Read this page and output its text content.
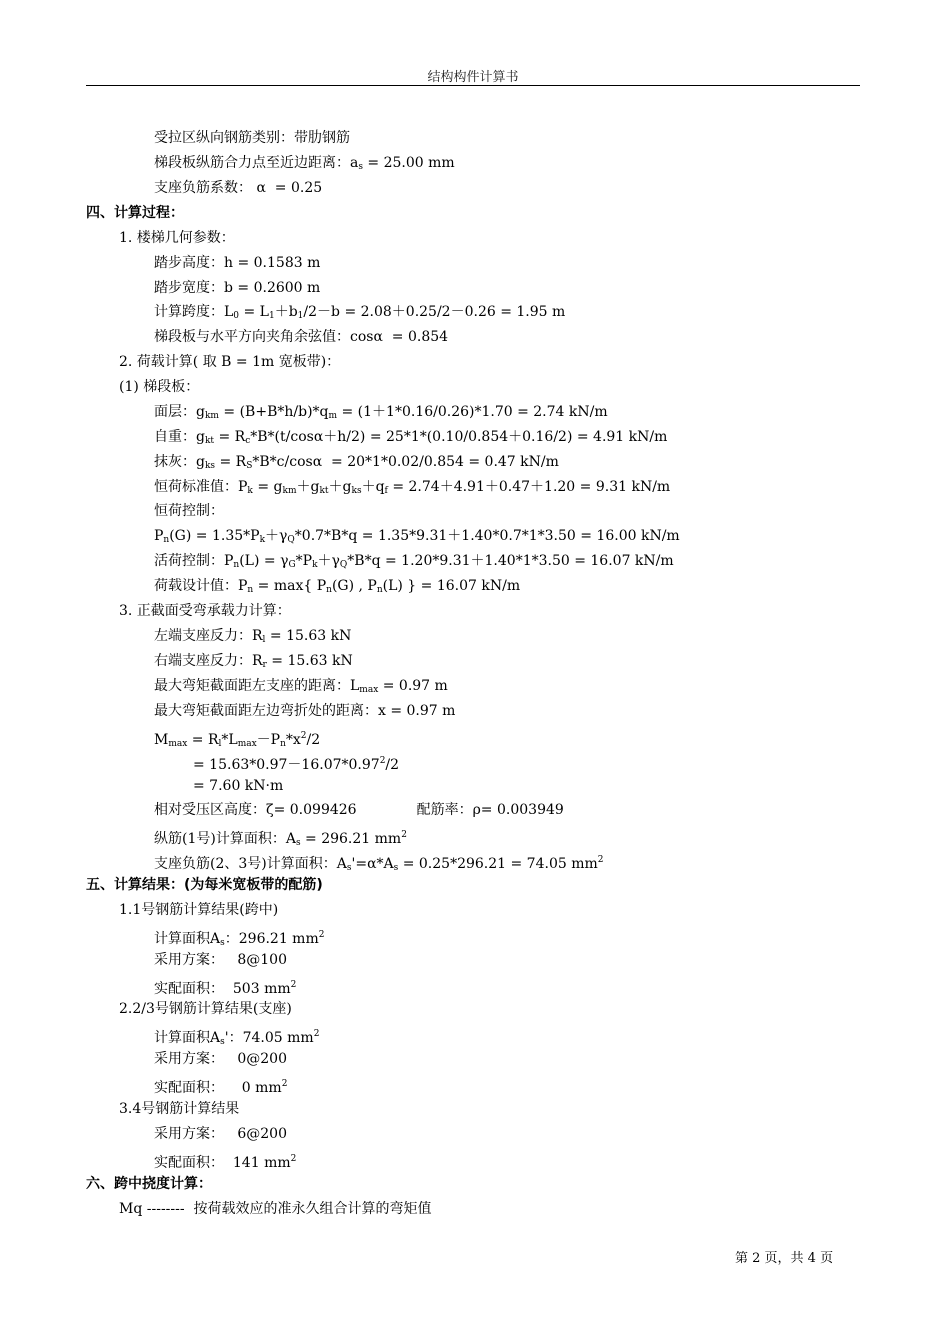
结构构件计算书
受拉区纵向钢筋类别：带肋钢筋
梯段板纵筋合力点至近边距离：$a_s = 25.00$ mm
支座负筋系数： α  = 0.25
四、计算过程：
1. 楼梯几何参数：
踏步高度：h = 0.1583 m
踏步宽度：b = 0.2600 m
计算跨度：$L_0 = L_1+b_1/2-b = 2.08+0.25/2-0.26 = 1.95$ m
梯段板与水平方向夹角余弦值：cosα  = 0.854
2. 荷载计算( 取 B = 1m 宽板带)：
(1) 梯段板：
面层：$g_{km} = (B+B*h/b)*q_m = (1+1*0.16/0.26)*1.70 = 2.74$ kN/m
自重：$g_{kt} = R_c*B*(t/\cos\alpha+h/2) = 25*1*(0.10/0.854+0.16/2) = 4.91$ kN/m
抹灰：$g_{ks} = R_S*B*c/\cos\alpha = 20*1*0.02/0.854 = 0.47$ kN/m
恒荷标准值：$P_k = g_{km}+g_{kt}+g_{ks}+q_f = 2.74+4.91+0.47+1.20 = 9.31$ kN/m
恒荷控制：
$P_n(G) = 1.35*P_k+\gamma_Q*0.7*B*q = 1.35*9.31+1.40*0.7*1*3.50 = 16.00$ kN/m
活荷控制：$P_n(L) = \gamma_G*P_k+\gamma_Q*B*q = 1.20*9.31+1.40*1*3.50 = 16.07$ kN/m
荷载设计值：$P_n = \max${ $P_n(G)$ , $P_n(L)$ } = 16.07 kN/m
3. 正截面受弯承载力计算：
左端支座反力：$R_l = 15.63$ kN
右端支座反力：$R_r = 15.63$ kN
最大弯矩截面距左支座的距离：$L_{max} = 0.97$ m
最大弯矩截面距左边弯折处的距离：x = 0.97 m
$M_{max} = R_l*L_{max}-P_n*x^2/2$
= $15.63*0.97-16.07*0.97^2/2$
= 7.60 kN·m
相对受压区高度：ζ= 0.099426	配筋率：ρ= 0.003949
纵筋(1号)计算面积：$A_s = 296.21$ $mm^2$
支座负筋(2、3号)计算面积：$A_s'=\alpha*A_s = 0.25*296.21 = 74.05$ $mm^2$
五、计算结果：(为每米宽板带的配筋)
1.1号钢筋计算结果(跨中)
计算面积$A_s$：296.21 $mm^2$
采用方案：   8@100
实配面积：  503 $mm^2$
2.2/3号钢筋计算结果(支座)
计算面积$A_s'$：74.05 $mm^2$
采用方案：   0@200
实配面积：    0 $mm^2$
3.4号钢筋计算结果
采用方案：   6@200
实配面积：  141 $mm^2$
六、跨中挠度计算：
Mq --------  按荷载效应的准永久组合计算的弯矩值
第 2 页，共 4 页
